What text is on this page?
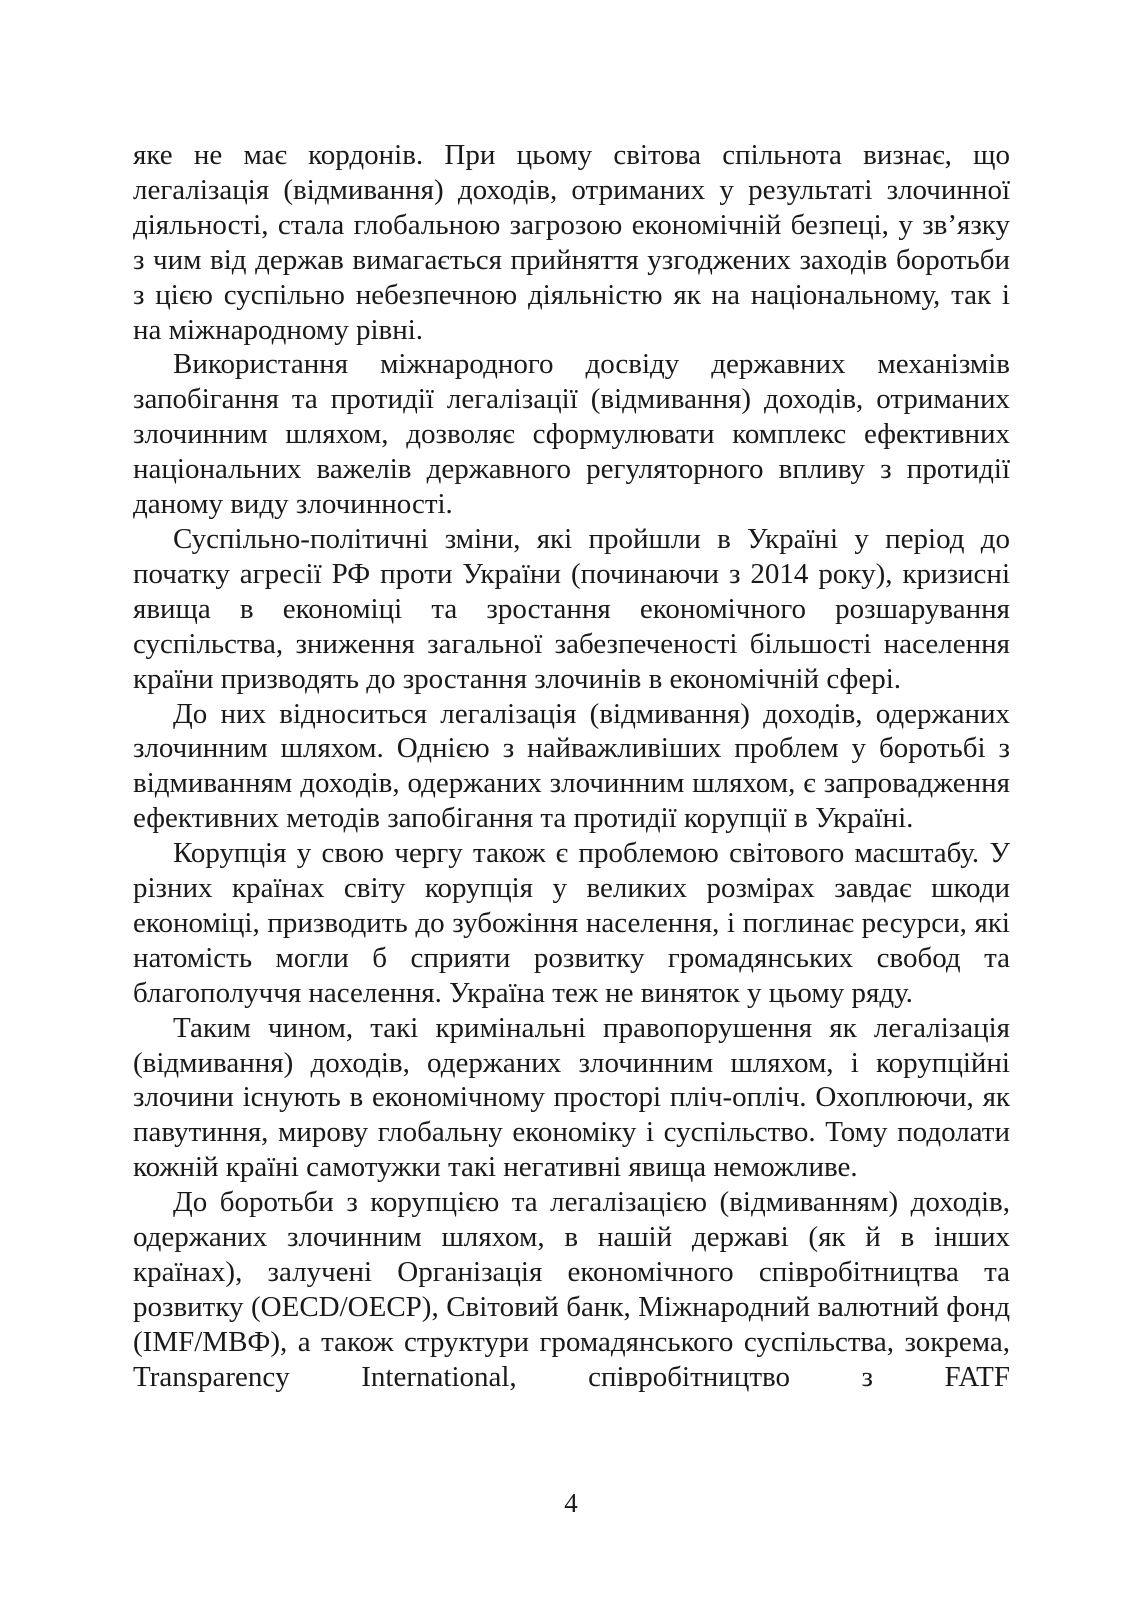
яке не має кордонів. При цьому світова спільнота визнає, що легалізація (відмивання) доходів, отриманих у результаті злочинної діяльності, стала глобальною загрозою економічній безпеці, у зв’язку з чим від держав вимагається прийняття узгоджених заходів боротьби з цією суспільно небезпечною діяльністю як на національному, так і на міжнародному рівні.

Використання міжнародного досвіду державних механізмів запобігання та протидії легалізації (відмивання) доходів, отриманих злочинним шляхом, дозволяє сформулювати комплекс ефективних національних важелів державного регуляторного впливу з протидії даному виду злочинності.

Суспільно-політичні зміни, які пройшли в Україні у період до початку агресії РФ проти України (починаючи з 2014 року), кризисні явища в економіці та зростання економічного розшарування суспільства, зниження загальної забезпеченості більшості населення країни призводять до зростання злочинів в економічній сфері.

До них відноситься легалізація (відмивання) доходів, одержаних злочинним шляхом. Однією з найважливіших проблем у боротьбі з відмиванням доходів, одержаних злочинним шляхом, є запровадження ефективних методів запобігання та протидії корупції в Україні.

Корупція у свою чергу також є проблемою світового масштабу. У різних країнах світу корупція у великих розмірах завдає шкоди економіці, призводить до зубожіння населення, і поглинає ресурси, які натомість могли б сприяти розвитку громадянських свобод та благополуччя населення. Україна теж не виняток у цьому ряду.

Таким чином, такі кримінальні правопорушення як легалізація (відмивання) доходів, одержаних злочинним шляхом, і корупційні злочини існують в економічному просторі пліч-опліч. Охоплюючи, як павутиння, мирову глобальну економіку і суспільство. Тому подолати кожній країні самотужки такі негативні явища неможливе.

До боротьби з корупцією та легалізацією (відмиванням) доходів, одержаних злочинним шляхом, в нашій державі (як й в інших країнах), залучені Організація економічного співробітництва та розвитку (OECD/ОЕСР), Світовий банк, Міжнародний валютний фонд (IMF/МВФ), а також структури громадянського суспільства, зокрема, Transparency International, співробітництво з FATF

4
